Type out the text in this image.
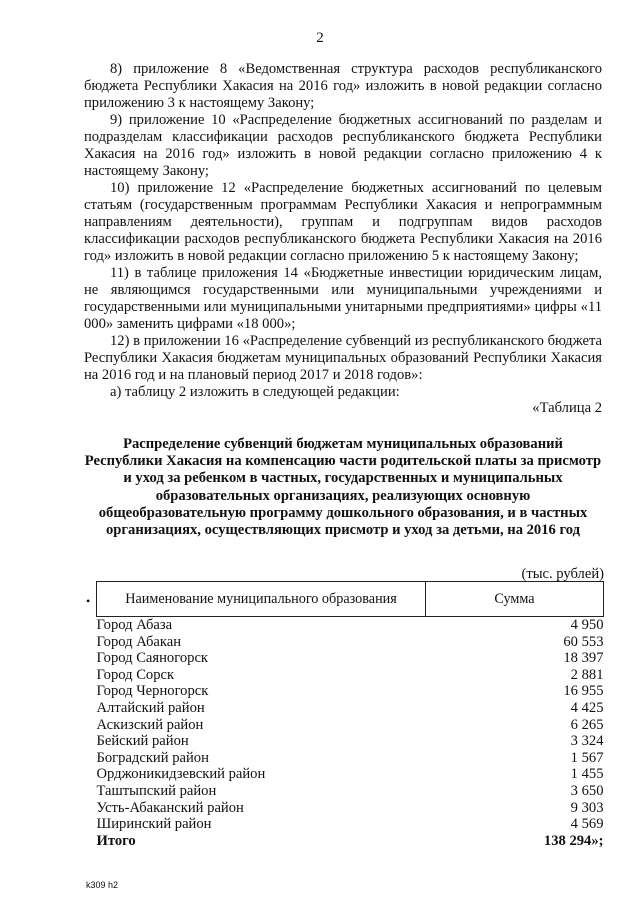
2

8) приложение 8 «Ведомственная структура расходов республиканского бюджета Республики Хакасия на 2016 год» изложить в новой редакции согласно приложению 3 к настоящему Закону;

9) приложение 10 «Распределение бюджетных ассигнований по разделам и подразделам классификации расходов республиканского бюджета Республики Хакасия на 2016 год» изложить в новой редакции согласно приложению 4 к настоящему Закону;

10) приложение 12 «Распределение бюджетных ассигнований по целевым статьям (государственным программам Республики Хакасия и непрограммным направлениям деятельности), группам и подгруппам видов расходов классификации расходов республиканского бюджета Республики Хакасия на 2016 год» изложить в новой редакции согласно приложению 5 к настоящему Закону;

11) в таблице приложения 14 «Бюджетные инвестиции юридическим лицам, не являющимся государственными или муниципальными учреждениями и государственными или муниципальными унитарными предприятиями» цифры «11 000» заменить цифрами «18 000»;

12) в приложении 16 «Распределение субвенций из республиканского бюджета Республики Хакасия бюджетам муниципальных образований Республики Хакасия на 2016 год и на плановый период 2017 и 2018 годов»:

а) таблицу 2 изложить в следующей редакции:

«Таблица 2
Распределение субвенций бюджетам муниципальных образований Республики Хакасия на компенсацию части родительской платы за присмотр и уход за ребенком в частных, государственных и муниципальных образовательных организациях, реализующих основную общеобразовательную программу дошкольного образования, и в частных организациях, осуществляющих присмотр и уход за детьми, на 2016 год
(тыс. рублей)
• Наименование муниципального образования	Сумма
Город Абаза	4 950
Город Абакан	60 553
Город Саяногорск	18 397
Город Сорск	2 881
Город Черногорск	16 955
Алтайский район	4 425
Аскизский район	6 265
Бейский район	3 324
Боградский район	1 567
Орджоникидзевский район	1 455
Таштыпский район	3 650
Усть-Абаканский район	9 303
Ширинский район	4 569
Итого	138 294»;
k309 h2
